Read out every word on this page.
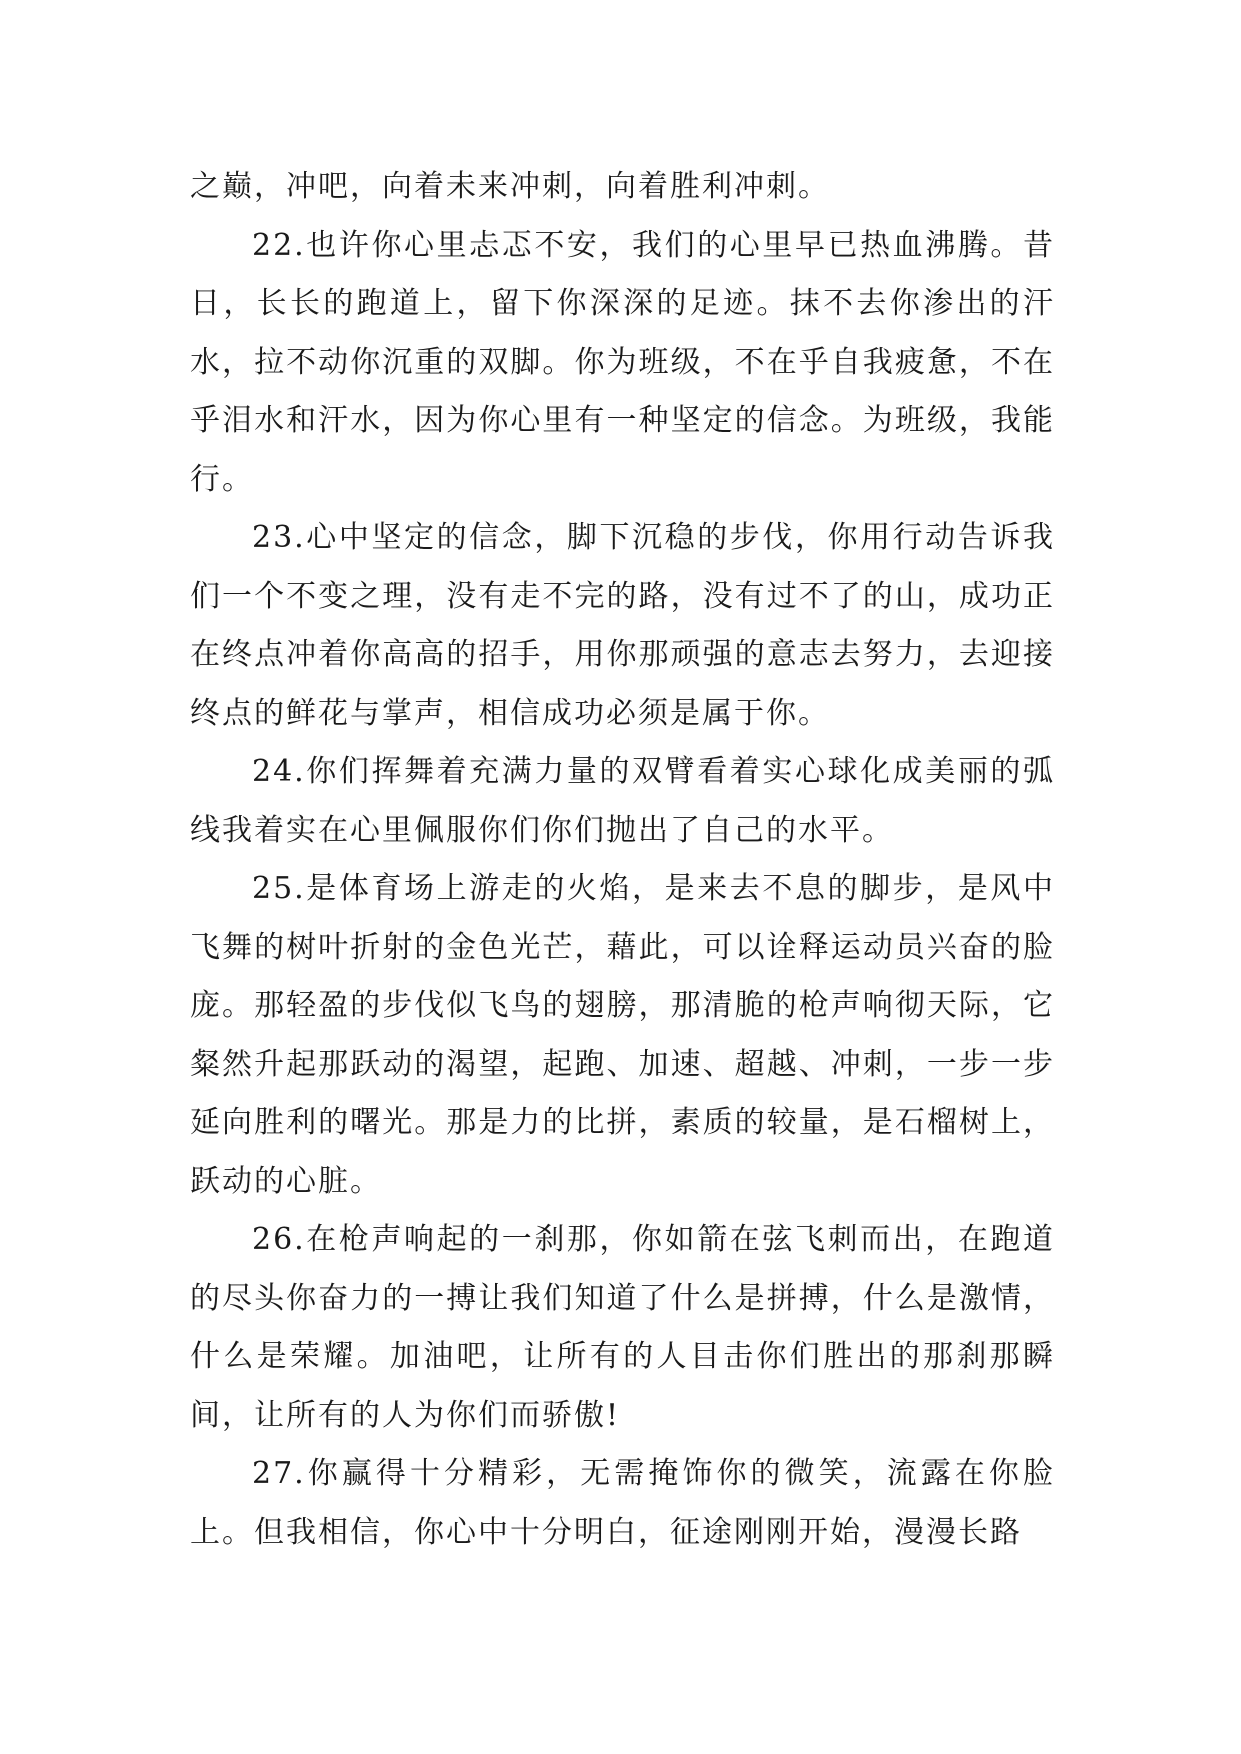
之巅，冲吧，向着未来冲刺，向着胜利冲刺。

22.也许你心里忐忑不安，我们的心里早已热血沸腾。昔日，长长的跑道上，留下你深深的足迹。抹不去你渗出的汗水，拉不动你沉重的双脚。你为班级，不在乎自我疲惫，不在乎泪水和汗水，因为你心里有一种坚定的信念。为班级，我能行。

23.心中坚定的信念，脚下沉稳的步伐，你用行动告诉我们一个不变之理，没有走不完的路，没有过不了的山，成功正在终点冲着你高高的招手，用你那顽强的意志去努力，去迎接终点的鲜花与掌声，相信成功必须是属于你。

24.你们挥舞着充满力量的双臂看着实心球化成美丽的弧线我着实在心里佩服你们你们抛出了自己的水平。

25.是体育场上游走的火焰，是来去不息的脚步，是风中飞舞的树叶折射的金色光芒，藉此，可以诠释运动员兴奋的脸庞。那轻盈的步伐似飞鸟的翅膀，那清脆的枪声响彻天际，它粲然升起那跃动的渴望，起跑、加速、超越、冲刺，一步一步延向胜利的曙光。那是力的比拼，素质的较量，是石榴树上，跃动的心脏。

26.在枪声响起的一刹那，你如箭在弦飞刺而出，在跑道的尽头你奋力的一搏让我们知道了什么是拼搏，什么是激情，什么是荣耀。加油吧，让所有的人目击你们胜出的那刹那瞬间，让所有的人为你们而骄傲!

27.你赢得十分精彩，无需掩饰你的微笑，流露在你脸上。但我相信，你心中十分明白，征途刚刚开始，漫漫长路
